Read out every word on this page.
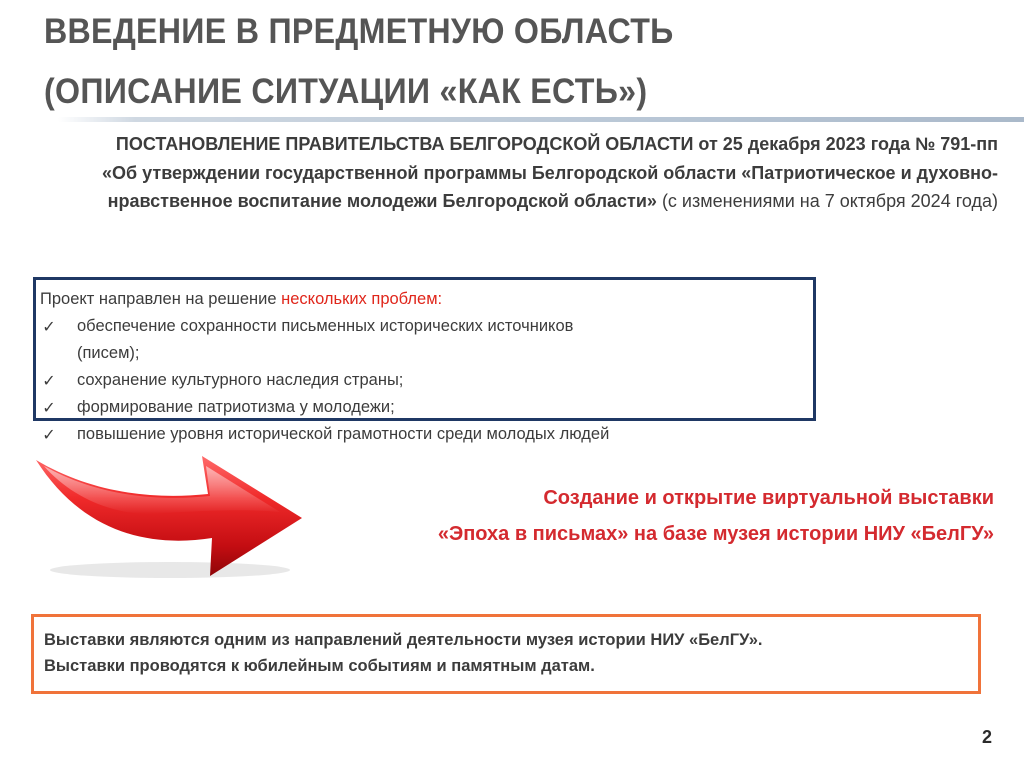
ВВЕДЕНИЕ В ПРЕДМЕТНУЮ ОБЛАСТЬ
(ОПИСАНИЕ СИТУАЦИИ «КАК ЕСТЬ»)
ПОСТАНОВЛЕНИЕ ПРАВИТЕЛЬСТВА БЕЛГОРОДСКОЙ ОБЛАСТИ от 25 декабря 2023 года № 791-пп «Об утверждении государственной программы Белгородской области «Патриотическое и духовно-нравственное воспитание молодежи Белгородской области» (с изменениями на 7 октября 2024 года)
Проект направлен на решение нескольких проблем:
✓ обеспечение сохранности письменных исторических источников
(писем);
✓ сохранение культурного наследия страны;
✓ формирование патриотизма у молодежи;
✓ повышение уровня исторической грамотности среди молодых людей
Создание и открытие виртуальной выставки
«Эпоха в письмах» на базе музея истории НИУ «БелГУ»
Выставки являются одним из направлений деятельности музея истории НИУ «БелГУ».
Выставки проводятся к юбилейным событиям и памятным датам.
2
